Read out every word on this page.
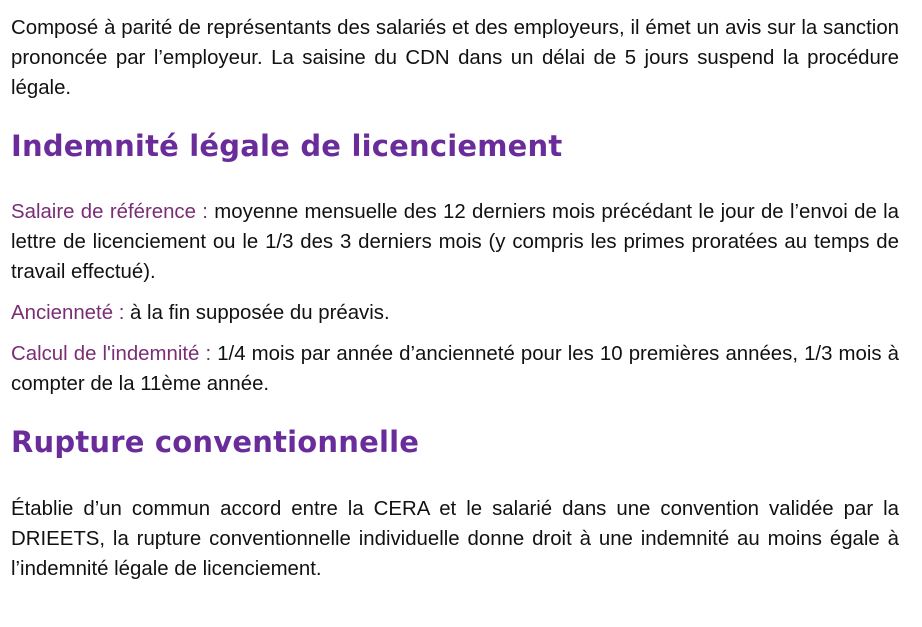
Composé à parité de représentants des salariés et des employeurs, il émet un avis sur la sanction prononcée par l’employeur. La saisine du CDN dans un délai de 5 jours suspend la procédure légale.

Indemnité légale de licenciement

Salaire de référence : moyenne mensuelle des 12 derniers mois précédant le jour de l’envoi de la lettre de licenciement ou le 1/3 des 3 derniers mois (y compris les primes proratées au temps de travail effectué).

Ancienneté : à la fin supposée du préavis.

Calcul de l'indemnité : 1/4 mois par année d’ancienneté pour les 10 premières années, 1/3 mois à compter de la 11ème année.

Rupture conventionnelle

Établie d’un commun accord entre la CERA et le salarié dans une convention validée par la DRIEETS, la rupture conventionnelle individuelle donne droit à une indemnité au moins égale à l’indemnité légale de licenciement.
